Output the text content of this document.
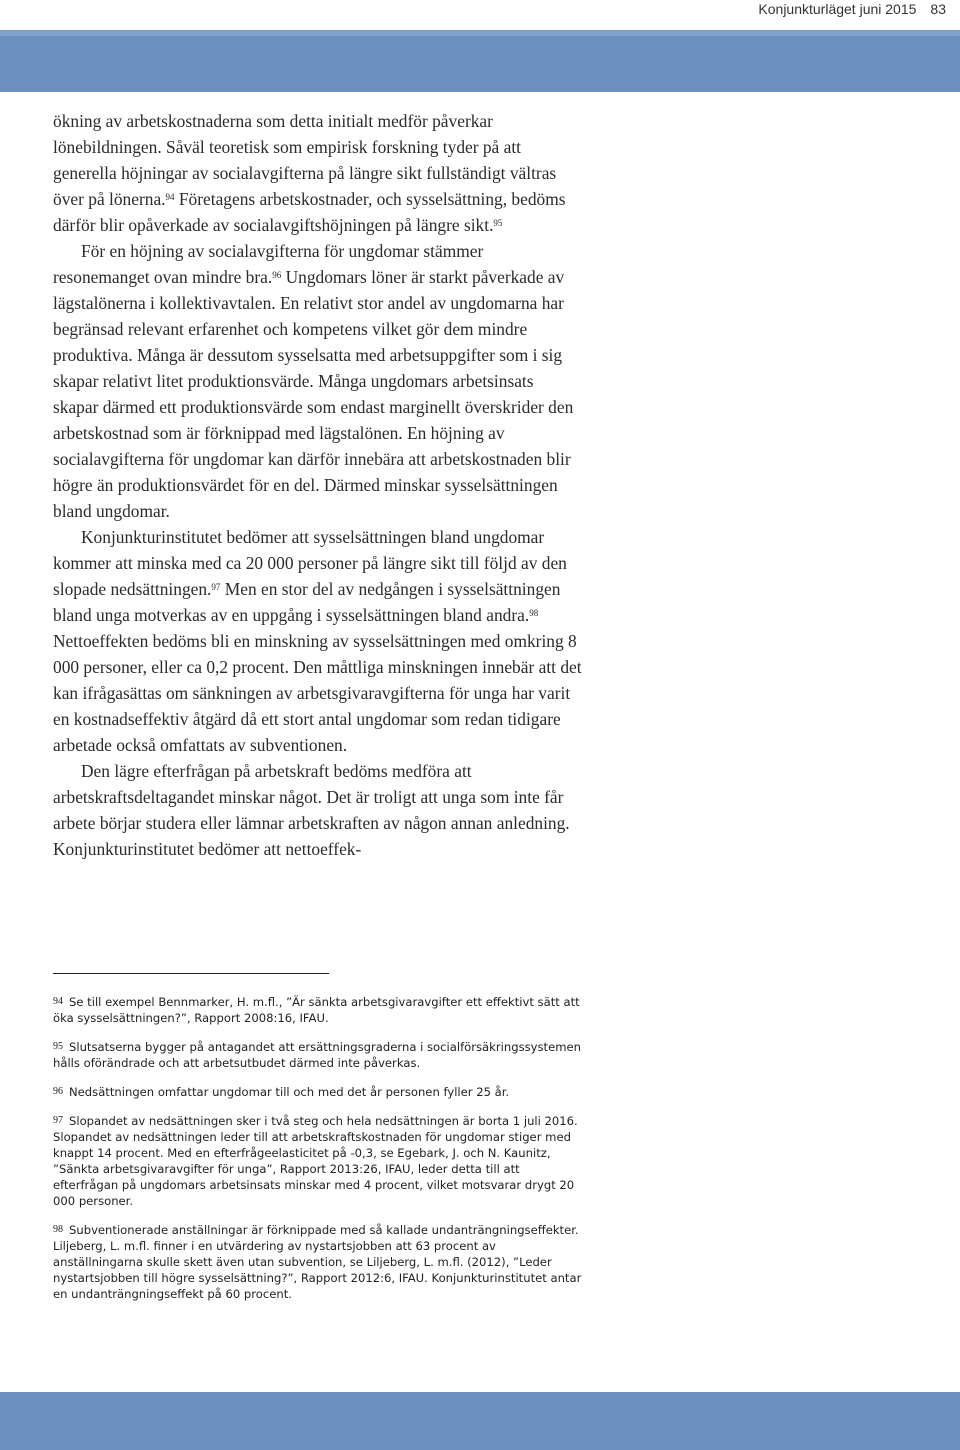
Konjunkturläget juni 2015 83

ökning av arbetskostnaderna som detta initialt medför påverkar lönebildningen. Såväl teoretisk som empirisk forskning tyder på att generella höjningar av socialavgifterna på längre sikt fullständigt vältras över på lönerna.$^{94}$ Företagens arbetskostnader, och sysselsättning, bedöms därför blir opåverkade av socialavgiftshöjningen på längre sikt.$^{95}$

För en höjning av socialavgifterna för ungdomar stämmer resonemanget ovan mindre bra.$^{96}$ Ungdomars löner är starkt påverkade av lägstalönerna i kollektivavtalen. En relativt stor andel av ungdomarna har begränsad relevant erfarenhet och kompetens vilket gör dem mindre produktiva. Många är dessutom sysselsatta med arbetsuppgifter som i sig skapar relativt litet produktionsvärde. Många ungdomars arbetsinsats skapar därmed ett produktionsvärde som endast marginellt överskrider den arbetskostnad som är förknippad med lägstalönen. En höjning av socialavgifterna för ungdomar kan därför innebära att arbetskostnaden blir högre än produktionsvärdet för en del. Därmed minskar sysselsättningen bland ungdomar.

Konjunkturinstitutet bedömer att sysselsättningen bland ungdomar kommer att minska med ca 20 000 personer på längre sikt till följd av den slopade nedsättningen.$^{97}$ Men en stor del av nedgången i sysselsättningen bland unga motverkas av en uppgång i sysselsättningen bland andra.$^{98}$ Nettoeffekten bedöms bli en minskning av sysselsättningen med omkring 8 000 personer, eller ca 0,2 procent. Den måttliga minskningen innebär att det kan ifrågasättas om sänkningen av arbetsgivaravgifterna för unga har varit en kostnadseffektiv åtgärd då ett stort antal ungdomar som redan tidigare arbetade också omfattats av subventionen.

Den lägre efterfrågan på arbetskraft bedöms medföra att arbetskraftsdeltagandet minskar något. Det är troligt att unga som inte får arbete börjar studera eller lämnar arbetskraften av någon annan anledning. Konjunkturinstitutet bedömer att nettoeffek-

94 Se till exempel Bennmarker, H. m.fl., ”Är sänkta arbetsgivaravgifter ett effektivt sätt att öka sysselsättningen?”, Rapport 2008:16, IFAU.
95 Slutsatserna bygger på antagandet att ersättningsgraderna i socialförsäkringssystemen hålls oförändrade och att arbetsutbudet därmed inte påverkas.
96 Nedsättningen omfattar ungdomar till och med det år personen fyller 25 år.
97 Slopandet av nedsättningen sker i två steg och hela nedsättningen är borta 1 juli 2016. Slopandet av nedsättningen leder till att arbetskraftskostnaden för ungdomar stiger med knappt 14 procent. Med en efterfrågeelasticitet på -0,3, se Egebark, J. och N. Kaunitz, ”Sänkta arbetsgivaravgifter för unga”, Rapport 2013:26, IFAU, leder detta till att efterfrågan på ungdomars arbetsinsats minskar med 4 procent, vilket motsvarar drygt 20 000 personer.
98 Subventionerade anställningar är förknippade med så kallade undanträngningseffekter. Liljeberg, L. m.fl. finner i en utvärdering av nystartsjobben att 63 procent av anställningarna skulle skett även utan subvention, se Liljeberg, L. m.fl. (2012), ”Leder nystartsjobben till högre sysselsättning?”, Rapport 2012:6, IFAU. Konjunkturinstitutet antar en undanträngningseffekt på 60 procent.
